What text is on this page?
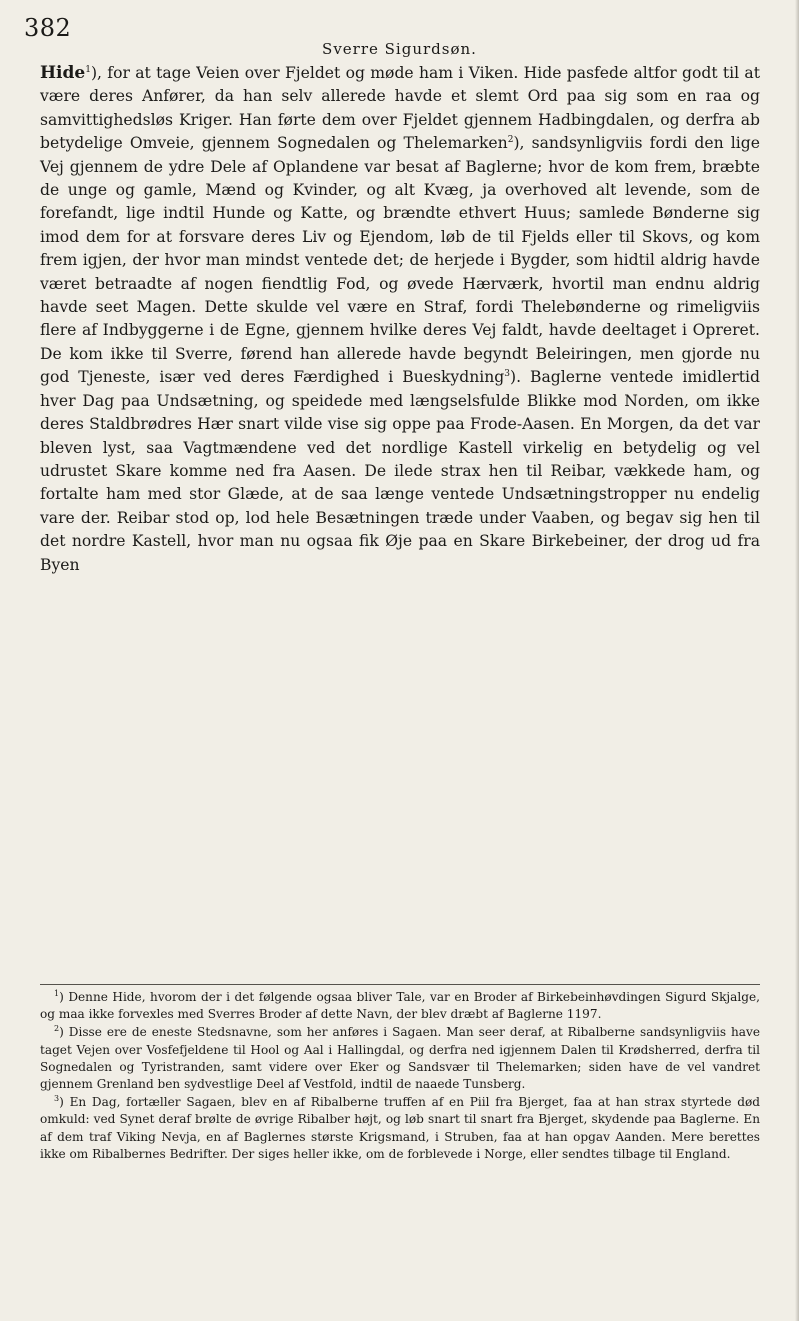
382
Sverre Sigurdsøn.

Hide$^1$), for at tage Veien over Fjeldet og møde ham i Viken. Hide pasfede altfor godt til at være deres Anfører, da han selv allerede havde et slemt Ord paa sig som en raa og samvittighedsløs Kriger. Han førte dem over Fjeldet gjennem Hadbingdalen, og derfra ab betydelige Omveie, gjennem Sognedalen og Thelemarken$^2$), sandsynligviis fordi den lige Vej gjennem de ydre Dele af Oplandene var besat af Baglerne; hvor de kom frem, bræbte de unge og gamle, Mænd og Kvinder, og alt Kvæg, ja overhoved alt levende, som de forefandt, lige indtil Hunde og Katte, og brændte ethvert Huus; samlede Bønderne sig imod dem for at forsvare deres Liv og Ejendom, løb de til Fjelds eller til Skovs, og kom frem igjen, der hvor man mindst ventede det; de herjede i Bygder, som hidtil aldrig havde været betraadte af nogen fiendtlig Fod, og øvede Hærværk, hvortil man endnu aldrig havde seet Magen. Dette skulde vel være en Straf, fordi Thelebønderne og rimeligviis flere af Indbyggerne i de Egne, gjennem hvilke deres Vej faldt, havde deeltaget i Opreret. De kom ikke til Sverre, førend han allerede havde begyndt Beleiringen, men gjorde nu god Tjeneste, især ved deres Færdighed i Bueskydning$^3$). Baglerne ventede imidlertid hver Dag paa Undsætning, og speidede med længselsfulde Blikke mod Norden, om ikke deres Staldbrødres Hær snart vilde vise sig oppe paa Frode-Aasen. En Morgen, da det var bleven lyst, saa Vagtmændene ved det nordlige Kastell virkelig en betydelig og vel udrustet Skare komme ned fra Aasen. De ilede strax hen til Reibar, vækkede ham, og fortalte ham med stor Glæde, at de saa længe ventede Undsætningstropper nu endelig vare der. Reibar stod op, lod hele Besætningen træde under Vaaben, og begav sig hen til det nordre Kastell, hvor man nu ogsaa fik Øje paa en Skare Birkebeiner, der drog ud fra Byen

$^1$) Denne Hide, hvorom der i det følgende ogsaa bliver Tale, var en Broder af Birkebeinhøvdingen Sigurd Skjalge, og maa ikke forvexles med Sverres Broder af dette Navn, der blev dræbt af Baglerne 1197.

$^2$) Disse ere de eneste Stedsnavne, som her anføres i Sagaen. Man seer deraf, at Ribalberne sandsynligviis have taget Vejen over Vosfefjeldene til Hool og Aal i Hallingdal, og derfra ned igjennem Dalen til Krødsherred, derfra til Sognedalen og Tyristranden, samt videre over Eker og Sandsvær til Thelemarken; siden have de vel vandret gjennem Grenland ben sydvestlige Deel af Vestfold, indtil de naaede Tunsberg.

$^3$) En Dag, fortæller Sagaen, blev en af Ribalberne truffen af en Piil fra Bjerget, faa at han strax styrtede død omkuld: ved Synet deraf brølte de øvrige Ribalber højt, og løb snart til snart fra Bjerget, skydende paa Baglerne. En af dem traf Viking Nevja, en af Baglernes største Krigsmand, i Struben, faa at han opgav Aanden. Mere berettes ikke om Ribalbernes Bedrifter. Der siges heller ikke, om de forblevede i Norge, eller sendtes tilbage til England.
